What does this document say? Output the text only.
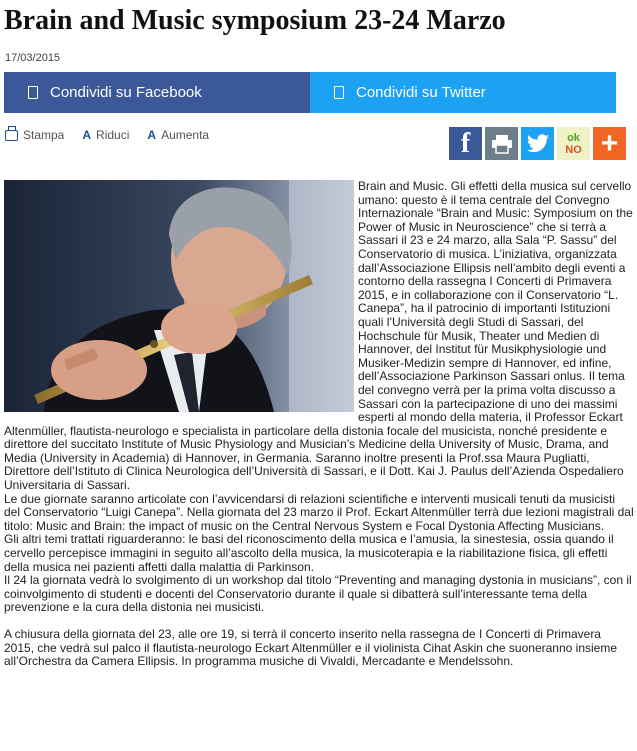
Brain and Music symposium 23-24 Marzo
17/03/2015
Condividi su Facebook	Condividi su Twitter
Stampa A Riduci A Aumenta	f	ok
NO +

Brain and Music. Gli effetti della musica sul cervello umano: questo è il tema centrale del Convegno Internazionale “Brain and Music: Symposium on the Power of Music in Neuroscience” che si terrà a Sassari il 23 e 24 marzo, alla Sala “P. Sassu” del Conservatorio di musica. L’iniziativa, organizzata dall’Associazione Ellipsis nell’ambito degli eventi a contorno della rassegna I Concerti di Primavera 2015, e in collaborazione con il Conservatorio “L. Canepa”, ha il patrocinio di importanti Istituzioni quali l’Università degli Studi di Sassari, del Hochschule für Musik, Theater und Medien di Hannover, del Institut für Musikphysiologie und Musiker-Medizin sempre di Hannover, ed infine, dell’Associazione Parkinson Sassari onlus. Il tema del convegno verrà per la prima volta discusso a Sassari con la partecipazione di uno dei massimi esperti al mondo della materia, il Professor Eckart Altenmüller, flautista-neurologo e specialista in particolare della distonia focale del musicista, nonché presidente e direttore del succitato Institute of Music Physiology and Musician's Medicine della University of Music, Drama, and Media (University in Academia) di Hannover, in Germania. Saranno inoltre presenti la Prof.ssa Maura Pugliatti, Direttore dell’Istituto di Clinica Neurologica dell’Università di Sassari, e il Dott. Kai J. Paulus dell’Azienda Ospedaliero Universitaria di Sassari.

Le due giornate saranno articolate con l’avvicendarsi di relazioni scientifiche e interventi musicali tenuti da musicisti del Conservatorio “Luigi Canepa”. Nella giornata del 23 marzo il Prof. Eckart Altenmüller terrà due lezioni magistrali dal titolo: Music and Brain: the impact of music on the Central Nervous System e Focal Dystonia Affecting Musicians.

Gli altri temi trattati riguarderanno: le basi del riconoscimento della musica e l’amusia, la sinestesia, ossia quando il cervello percepisce immagini in seguito all’ascolto della musica, la musicoterapia e la riabilitazione fisica, gli effetti della musica nei pazienti affetti dalla malattia di Parkinson.

Il 24 la giornata vedrà lo svolgimento di un workshop dal titolo “Preventing and managing dystonia in musicians”, con il coinvolgimento di studenti e docenti del Conservatorio durante il quale si dibatterà sull’interessante tema della prevenzione e la cura della distonia nei musicisti.

A chiusura della giornata del 23, alle ore 19, si terrà il concerto inserito nella rassegna de I Concerti di Primavera 2015, che vedrà sul palco il flautista-neurologo Eckart Altenmüller e il violinista Cihat Askin che suoneranno insieme all’Orchestra da Camera Ellipsis. In programma musiche di Vivaldi, Mercadante e Mendelssohn.
